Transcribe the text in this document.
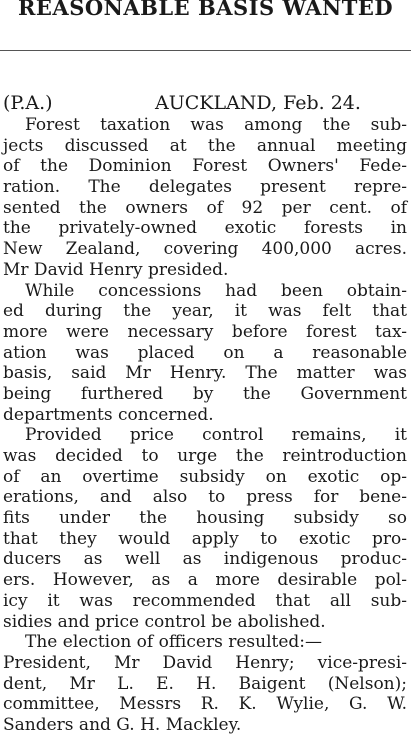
REASONABLE BASIS WANTED
(P.A.)	AUCKLAND, Feb. 24.
Forest taxation was among the sub-
jects discussed at the annual meeting
of the Dominion Forest Owners' Fede-
ration. The delegates present repre-
sented the owners of 92 per cent. of
the privately-owned exotic forests in
New Zealand, covering 400,000 acres.
Mr David Henry presided.
While concessions had been obtain-
ed during the year, it was felt that
more were necessary before forest tax-
ation was placed on a reasonable
basis, said Mr Henry. The matter was
being furthered by the Government
departments concerned.
Provided price control remains, it
was decided to urge the reintroduction
of an overtime subsidy on exotic op-
erations, and also to press for bene-
fits under the housing subsidy so
that they would apply to exotic pro-
ducers as well as indigenous produc-
ers. However, as a more desirable pol-
icy it was recommended that all sub-
sidies and price control be abolished.
The election of officers resulted:—
President, Mr David Henry; vice-presi-
dent, Mr L. E. H. Baigent (Nelson);
committee, Messrs R. K. Wylie, G. W.
Sanders and G. H. Mackley.
